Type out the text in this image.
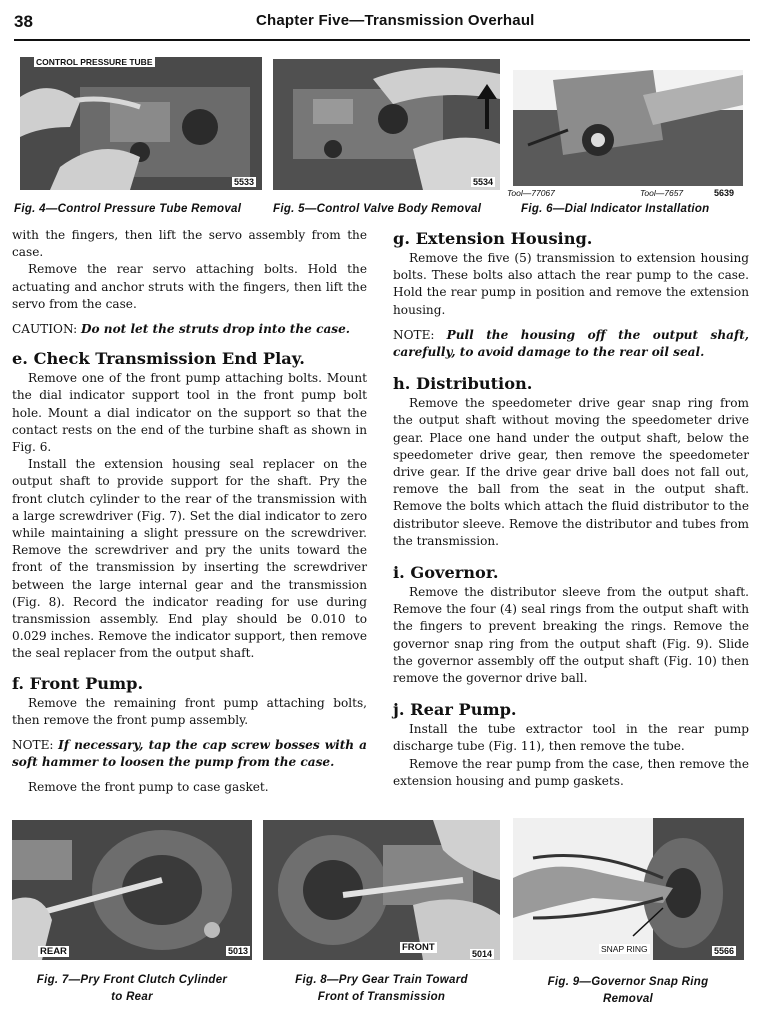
38	Chapter Five—Transmission Overhaul
CONTROL PRESSURE TUBE
5533	5534
Tool—77067	Tool—7657	5639
Fig. 4—Control Pressure Tube Removal	Fig. 5—Control Valve Body Removal	Fig. 6—Dial Indicator Installation

with the fingers, then lift the servo assembly from the case.

Remove the rear servo attaching bolts. Hold the actuating and anchor struts with the fingers, then lift the servo from the case.

CAUTION: Do not let the struts drop into the case.

e. Check Transmission End Play.

Remove one of the front pump attaching bolts. Mount the dial indicator support tool in the front pump bolt hole. Mount a dial indicator on the support so that the contact rests on the end of the turbine shaft as shown in Fig. 6.

Install the extension housing seal replacer on the output shaft to provide support for the shaft. Pry the front clutch cylinder to the rear of the transmission with a large screwdriver (Fig. 7). Set the dial indicator to zero while maintaining a slight pressure on the screwdriver. Remove the screwdriver and pry the units toward the front of the transmission by inserting the screwdriver between the large internal gear and the transmission (Fig. 8). Record the indicator reading for use during transmission assembly. End play should be 0.010 to 0.029 inches. Remove the indicator support, then remove the seal replacer from the output shaft.

f. Front Pump.

Remove the remaining front pump attaching bolts, then remove the front pump assembly.

NOTE: If necessary, tap the cap screw bosses with a soft hammer to loosen the pump from the case.

Remove the front pump to case gasket.

g. Extension Housing.

Remove the five (5) transmission to extension housing bolts. These bolts also attach the rear pump to the case. Hold the rear pump in position and remove the extension housing.

NOTE: Pull the housing off the output shaft, carefully, to avoid damage to the rear oil seal.

h. Distribution.

Remove the speedometer drive gear snap ring from the output shaft without moving the speedometer drive gear. Place one hand under the output shaft, below the speedometer drive gear, then remove the speedometer drive gear. If the drive gear drive ball does not fall out, remove the ball from the seat in the output shaft. Remove the bolts which attach the fluid distributor to the distributor sleeve. Remove the distributor and tubes from the transmission.

i. Governor.

Remove the distributor sleeve from the output shaft. Remove the four (4) seal rings from the output shaft with the fingers to prevent breaking the rings. Remove the governor snap ring from the output shaft (Fig. 9). Slide the governor assembly off the output shaft (Fig. 10) then remove the governor drive ball.

j. Rear Pump.

Install the tube extractor tool in the rear pump discharge tube (Fig. 11), then remove the tube.

Remove the rear pump from the case, then remove the extension housing and pump gaskets.

REAR	5013	FRONT
5014	SNAP RING	5566
Fig. 7—Pry Front Clutch Cylinder
to Rear
Fig. 8—Pry Gear Train Toward
Front of Transmission
Fig. 9—Governor Snap Ring
Removal
